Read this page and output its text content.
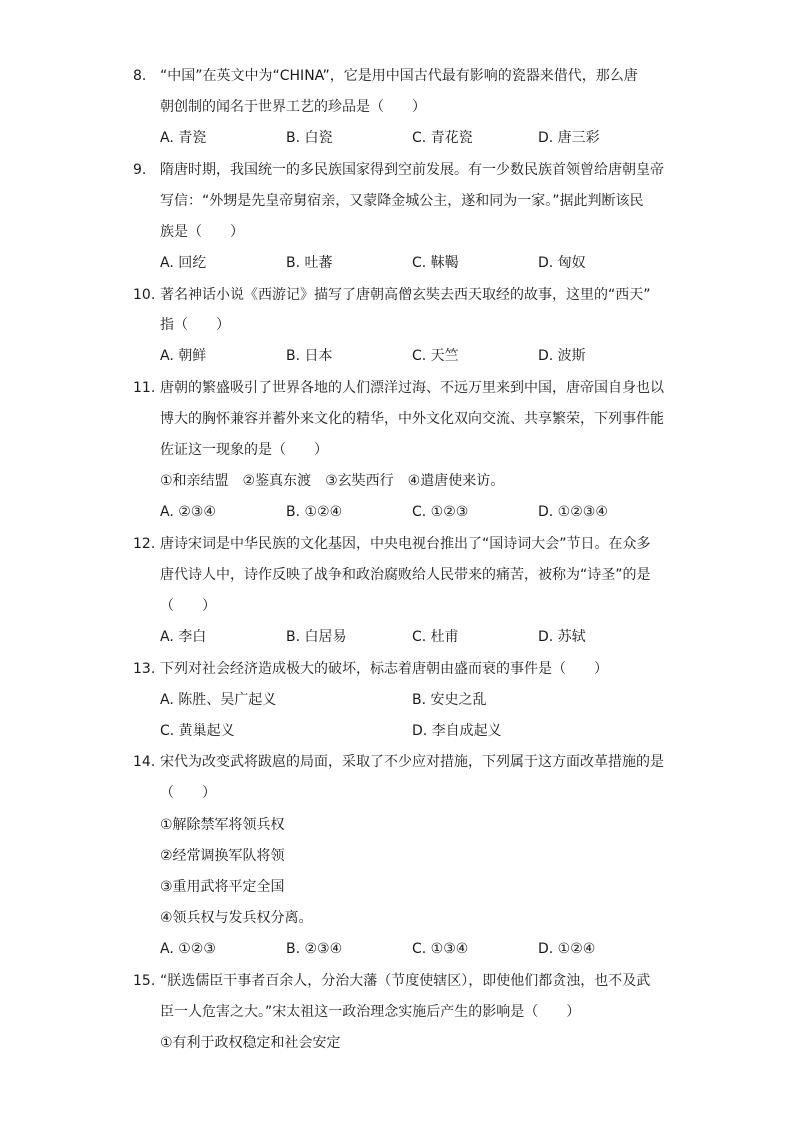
8. “中国”在英文中为“CHINA”，它是用中国古代最有影响的瓷器来借代，那么唐
朝创制的闻名于世界工艺的珍品是（　　）
A. 青瓷	B. 白瓷	C. 青花瓷	D. 唐三彩
9. 隋唐时期，我国统一的多民族国家得到空前发展。有一少数民族首领曾给唐朝皇帝
写信：“外甥是先皇帝舅宿亲，又蒙降金城公主，遂和同为一家。”据此判断该民
族是（　　）
A. 回纥	B. 吐蕃	C. 靺鞨	D. 匈奴
10. 著名神话小说《西游记》描写了唐朝高僧玄奘去西天取经的故事，这里的“西天”
指（　　）
A. 朝鲜	B. 日本	C. 天竺	D. 波斯
11. 唐朝的繁盛吸引了世界各地的人们漂洋过海、不远万里来到中国，唐帝国自身也以
博大的胸怀兼容并蓄外来文化的精华，中外文化双向交流、共享繁荣，下列事件能
佐证这一现象的是（　　）
①和亲结盟　②鉴真东渡　③玄奘西行　④遣唐使来访。
A. ②③④	B. ①②④	C. ①②③	D. ①②③④
12. 唐诗宋词是中华民族的文化基因，中央电视台推出了“国诗词大会”节日。在众多
唐代诗人中，诗作反映了战争和政治腐败给人民带来的痛苦，被称为“诗圣”的是
（　　）
A. 李白	B. 白居易	C. 杜甫	D. 苏轼
13. 下列对社会经济造成极大的破坏，标志着唐朝由盛而衰的事件是（　　）
A. 陈胜、吴广起义	B. 安史之乱
C. 黄巢起义	D. 李自成起义
14. 宋代为改变武将跋扈的局面，采取了不少应对措施，下列属于这方面改革措施的是
（　　）
①解除禁军将领兵权
②经常调换军队将领
③重用武将平定全国
④领兵权与发兵权分离。
A. ①②③	B. ②③④	C. ①③④	D. ①②④
15. “朕选儒臣干事者百余人，分治大藩（节度使辖区），即使他们都贪浊，也不及武
臣一人危害之大。”宋太祖这一政治理念实施后产生的影响是（　　）
①有利于政权稳定和社会安定
